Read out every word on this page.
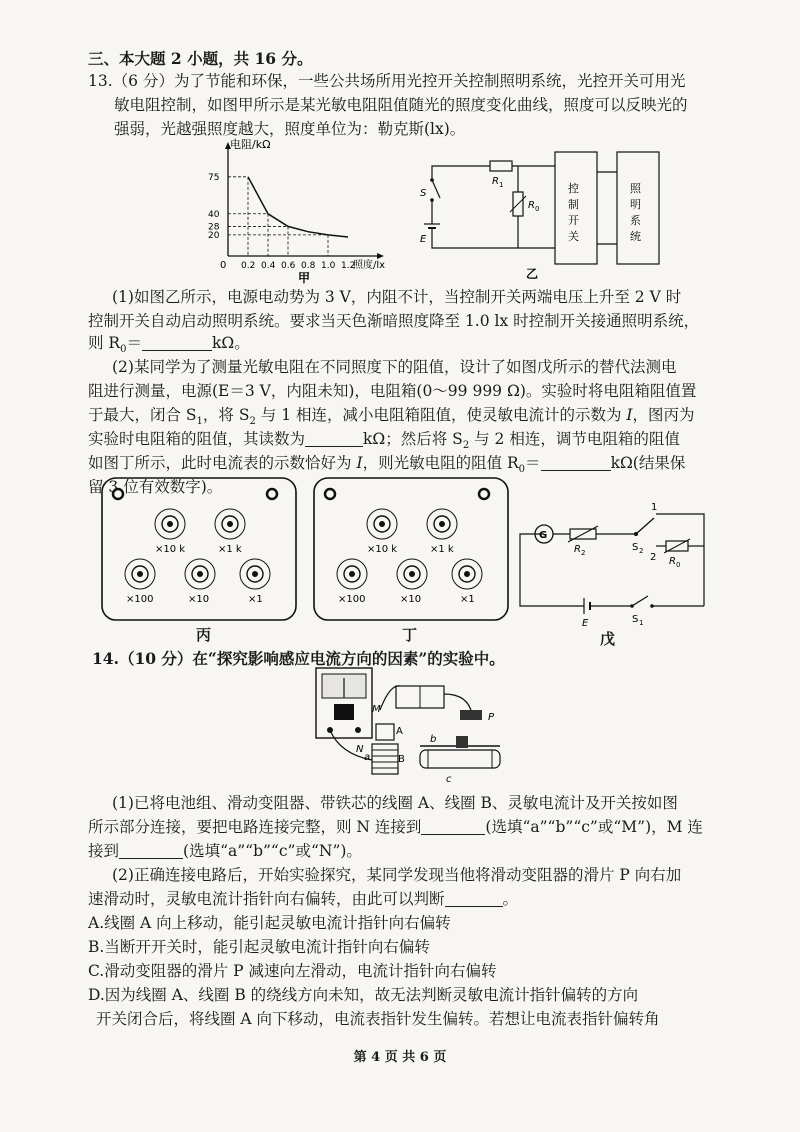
三、本大题 2 小题，共 16 分。
13.（6 分）为了节能和环保，一些公共场所用光控开关控制照明系统，光控开关可用光
敏电阻控制，如图甲所示是某光敏电阻阻值随光的照度变化曲线，照度可以反映光的
强弱，光越强照度越大，照度单位为：勒克斯(lx)。
电阻/kΩ
照度/lx
0 0.2 0.4 0.6 0.8 1.0 1.2
75
40
28
20
甲
R 1
R 0
控
制
开
关
照
明
系
统
S
E
乙
(1)如图乙所示，电源电动势为 3 V，内阻不计，当控制开关两端电压上升至 2 V 时
控制开关自动启动照明系统。要求当天色渐暗照度降至 1.0 lx 时控制开关接通照明系统，
则 $R_0=$	kΩ。
(2)某同学为了测量光敏电阻在不同照度下的阻值，设计了如图戊所示的替代法测电
阻进行测量，电源(E＝3 V，内阻未知)，电阻箱(0～99 999 Ω)。实验时将电阻箱阻值置
于最大，闭合 $S_1$，将 $S_2$ 与 1 相连，减小电阻箱阻值，使灵敏电流计的示数为 I，图丙为
实验时电阻箱的阻值，其读数为	kΩ；然后将 $S_2$ 与 2 相连，调节电阻箱的阻值
如图丁所示，此时电流表的示数恰好为 I，则光敏电阻的阻值 $R_0=$	kΩ(结果保
留 3 位有效数字)。
×10 k	×1 k
×100	×10	×1
丙
×10 k	×1 k
×100	×10	×1
丁
G
R 2
1
2
S 2
R 0
E	S 1
戊
14.（10 分）在“探究影响感应电流方向的因素”的实验中。
N
a
M
A
B
P
b
c
(1)已将电池组、滑动变阻器、带铁芯的线圈 A、线圈 B、灵敏电流计及开关按如图
所示部分连接，要把电路连接完整，则 N 连接到	(选填“a”“b”“c”或“M”)，M 连
接到	(选填“a”“b”“c”或“N”)。
(2)正确连接电路后，开始实验探究，某同学发现当他将滑动变阻器的滑片 P 向右加
速滑动时，灵敏电流计指针向右偏转，由此可以判断	。
A.线圈 A 向上移动，能引起灵敏电流计指针向右偏转
B.当断开开关时，能引起灵敏电流计指针向右偏转
C.滑动变阻器的滑片 P 减速向左滑动，电流计指针向右偏转
D.因为线圈 A、线圈 B 的绕线方向未知，故无法判断灵敏电流计指针偏转的方向
开关闭合后，将线圈 A 向下移动，电流表指针发生偏转。若想让电流表指针偏转角
第 4 页 共 6 页
